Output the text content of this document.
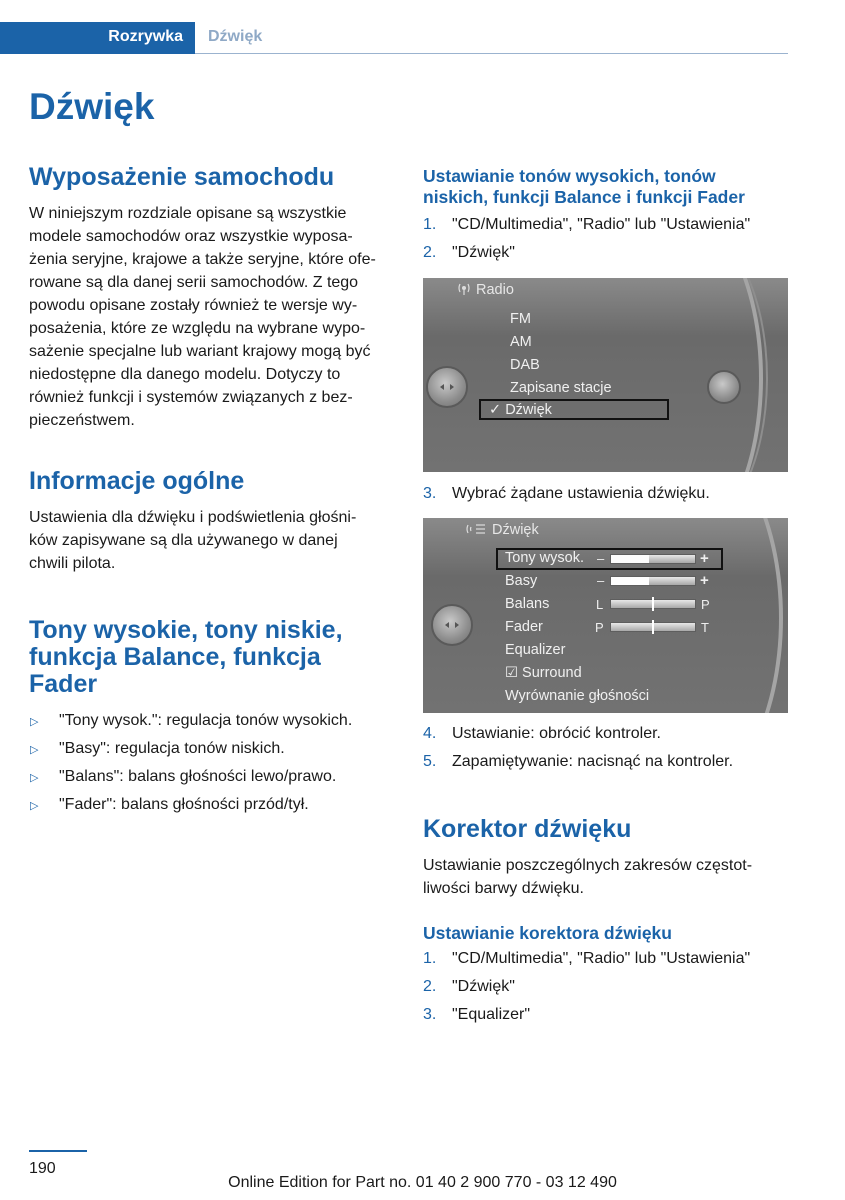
Rozrywka Dźwięk
Dźwięk
Wyposażenie samochodu

W niniejszym rozdziale opisane są wszystkie
modele samochodów oraz wszystkie wyposa‐
żenia seryjne, krajowe a także seryjne, które ofe‐
rowane są dla danej serii samochodów. Z tego
powodu opisane zostały również te wersje wy‐
posażenia, które ze względu na wybrane wypo‐
sażenie specjalne lub wariant krajowy mogą być
niedostępne dla danego modelu. Dotyczy to
również funkcji i systemów związanych z bez‐
pieczeństwem.

Informacje ogólne

Ustawienia dla dźwięku i podświetlenia głośni‐
ków zapisywane są dla używanego w danej
chwili pilota.

Tony wysokie, tony niskie,
funkcja Balance, funkcja
Fader
▷ "Tony wysok.": regulacja tonów wysokich.
▷ "Basy": regulacja tonów niskich.
▷ "Balans": balans głośności lewo/prawo.
▷ "Fader": balans głośności przód/tył.
Ustawianie tonów wysokich, tonów
niskich, funkcji Balance i funkcji Fader
1. "CD/Multimedia", "Radio" lub "Ustawienia"
2. "Dźwięk"
Radio
FM
AM
DAB
Zapisane stacje
✓ Dźwięk
3. Wybrać żądane ustawienia dźwięku.
Dźwięk
Tony wysok.
Basy
Balans
Fader
Equalizer
☑ Surround
Wyrównanie głośności
–	+
–	+
L	P
P	T
4. Ustawianie: obrócić kontroler.
5. Zapamiętywanie: nacisnąć na kontroler.
Korektor dźwięku

Ustawianie poszczególnych zakresów częstot‐
liwości barwy dźwięku.

Ustawianie korektora dźwięku
1. "CD/Multimedia", "Radio" lub "Ustawienia"
2. "Dźwięk"
3. "Equalizer"
190
Online Edition for Part no. 01 40 2 900 770 - 03 12 490
